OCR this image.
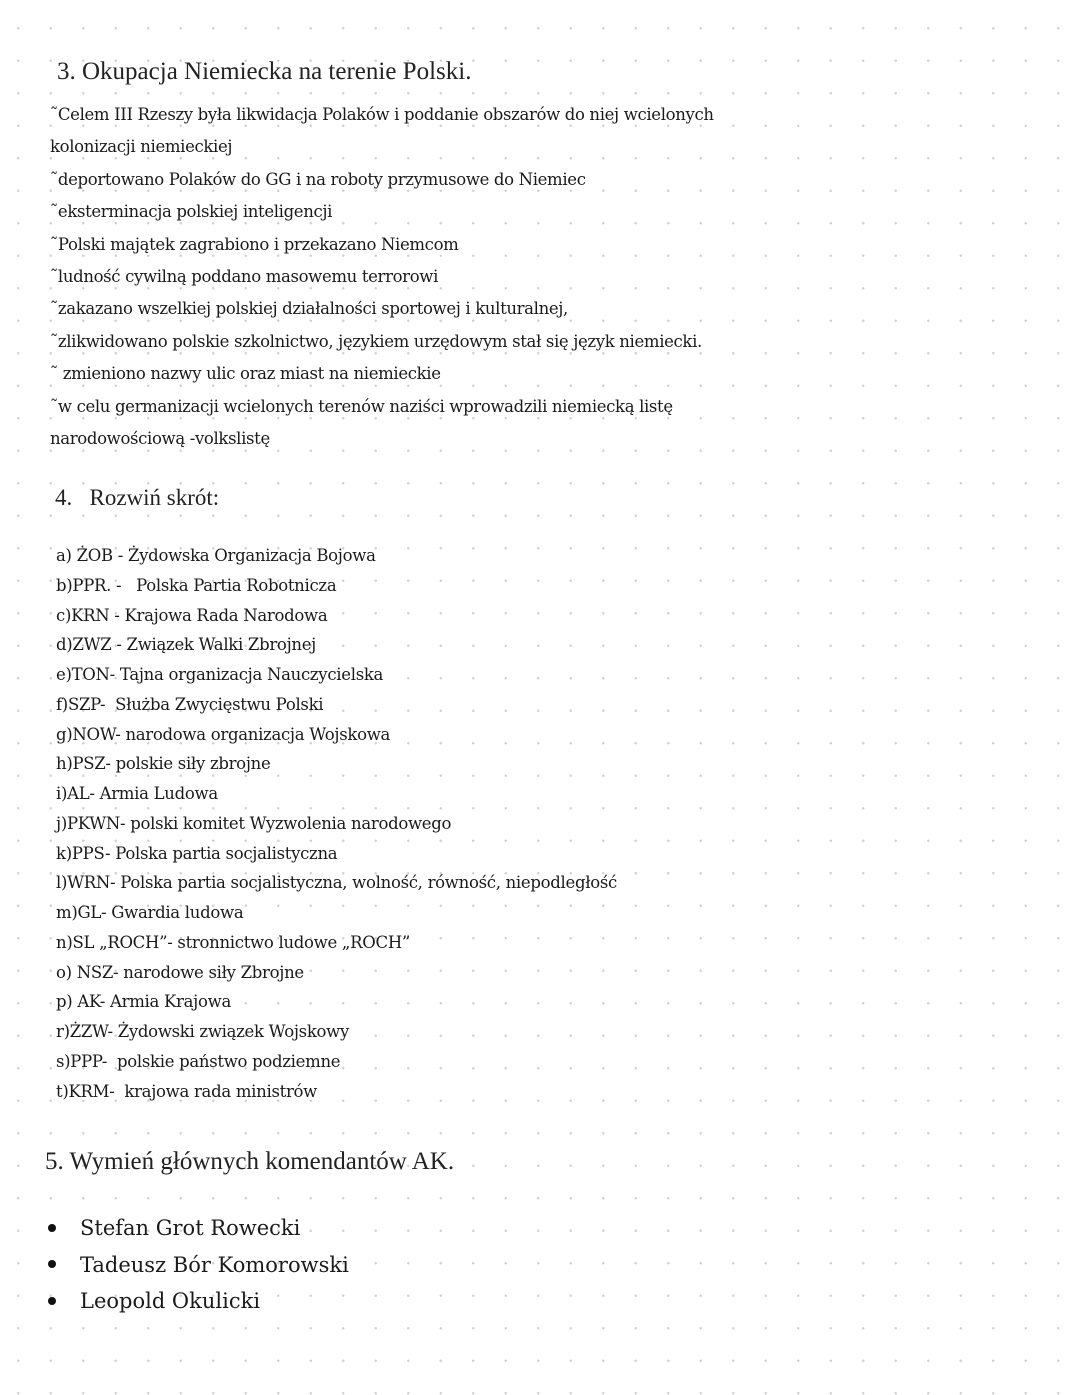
3. Okupacja Niemiecka na terenie Polski.
˜Celem III Rzeszy była likwidacja Polaków i poddanie obszarów do niej wcielonych
kolonizacji niemieckiej
˜deportowano Polaków do GG i na roboty przymusowe do Niemiec
˜eksterminacja polskiej inteligencji
˜Polski majątek zagrabiono i przekazano Niemcom
˜ludność cywilną poddano masowemu terrorowi
˜zakazano wszelkiej polskiej działalności sportowej i kulturalnej,
˜zlikwidowano polskie szkolnictwo, językiem urzędowym stał się język niemiecki.
˜ zmieniono nazwy ulic oraz miast na niemieckie
˜w celu germanizacji wcielonych terenów naziści wprowadzili niemiecką listę
narodowościową -volkslistę
4.   Rozwiń skrót:
a) ŻOB - Żydowska Organizacja Bojowa
b)PPR. -   Polska Partia Robotnicza
c)KRN - Krajowa Rada Narodowa
d)ZWZ - Związek Walki Zbrojnej
e)TON- Tajna organizacja Nauczycielska
f)SZP-  Służba Zwycięstwu Polski
g)NOW- narodowa organizacja Wojskowa
h)PSZ- polskie siły zbrojne
i)AL- Armia Ludowa
j)PKWN- polski komitet Wyzwolenia narodowego
k)PPS- Polska partia socjalistyczna
l)WRN- Polska partia socjalistyczna, wolność, równość, niepodległość
m)GL- Gwardia ludowa
n)SL „ROCH”- stronnictwo ludowe „ROCH”
o) NSZ- narodowe siły Zbrojne
p) AK- Armia Krajowa
r)ŻZW- Żydowski związek Wojskowy
s)PPP-  polskie państwo podziemne
t)KRM-  krajowa rada ministrów
5. Wymień głównych komendantów AK.
Stefan Grot Rowecki
Tadeusz Bór Komorowski
Leopold Okulicki
